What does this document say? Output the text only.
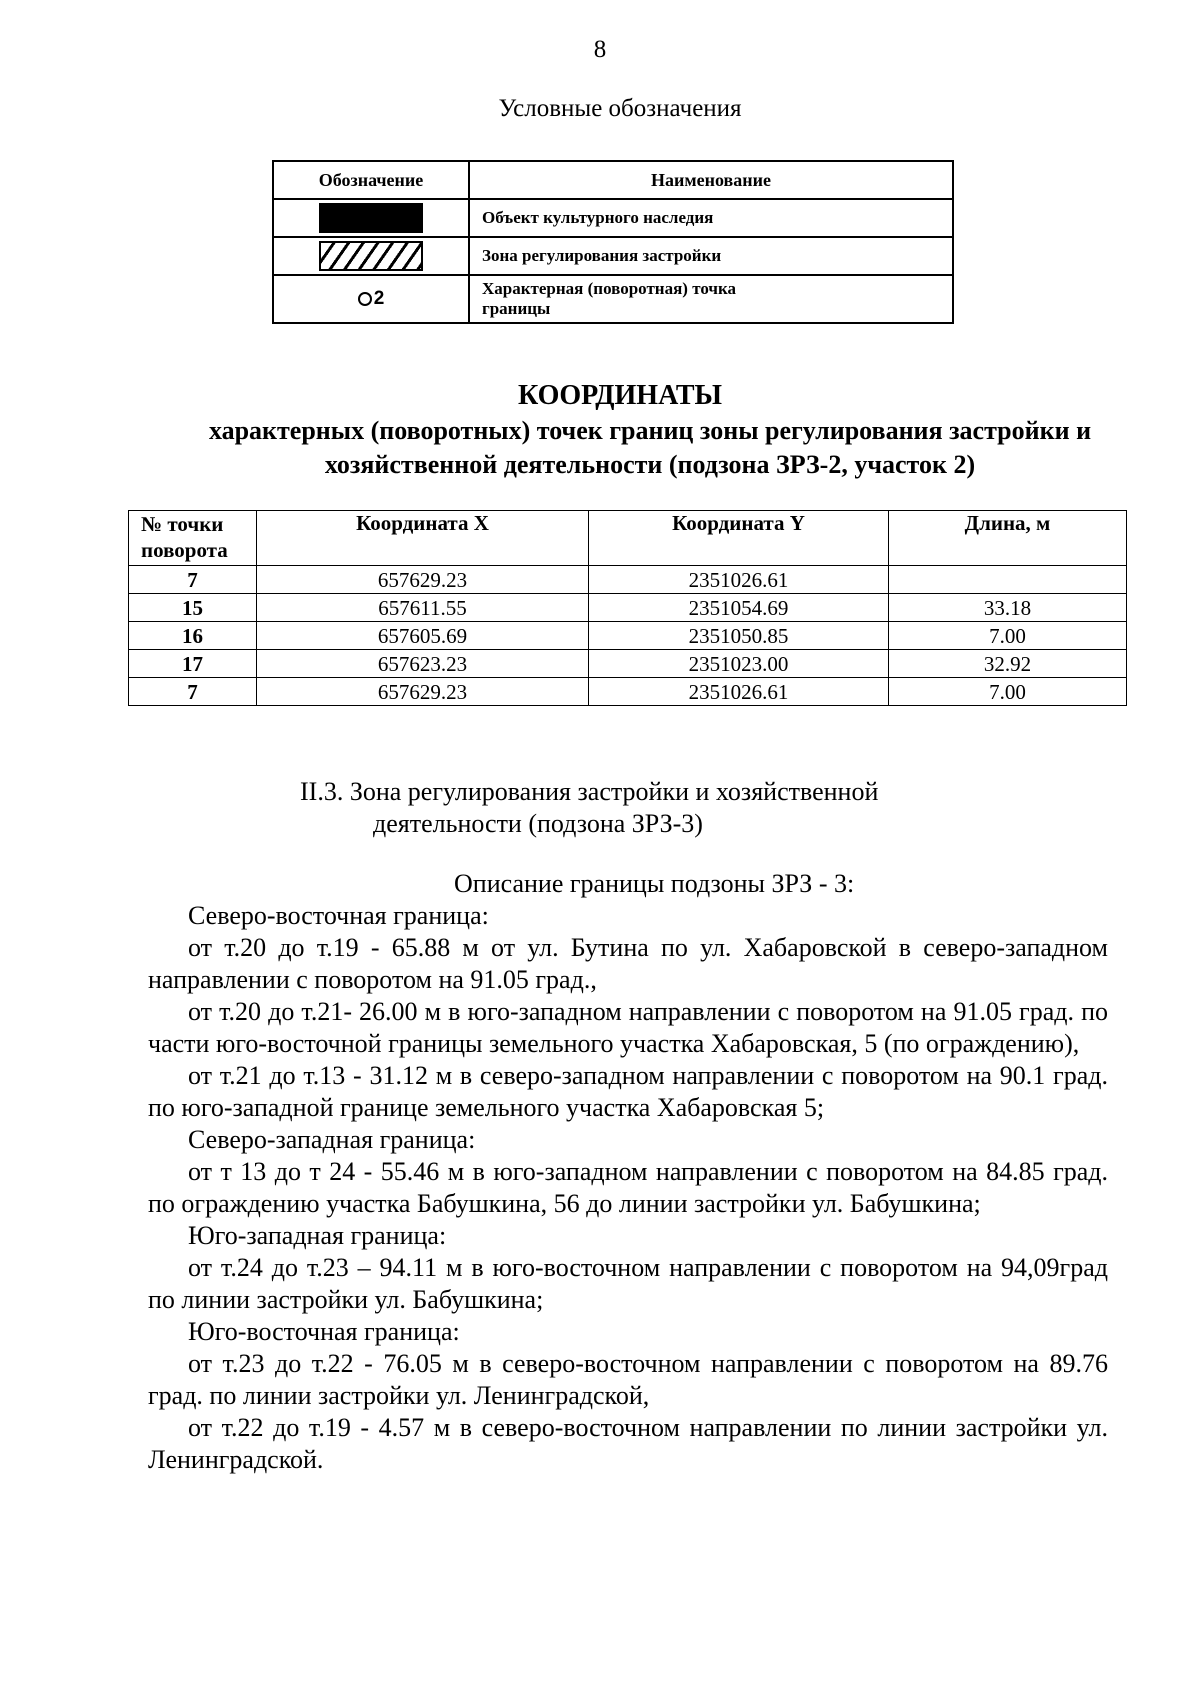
8
Условные обозначения
Обозначение	Наименование
	Объект культурного наследия
	Зона регулирования застройки
2	Характерная (поворотная) точка
границы
КООРДИНАТЫ
характерных (поворотных) точек границ зоны регулирования застройки и
хозяйственной деятельности (подзона ЗРЗ-2, участок 2)
№ точки
поворота	Координата X	Координата Y	Длина, м
7	657629.23	2351026.61	
15	657611.55	2351054.69	33.18
16	657605.69	2351050.85	7.00
17	657623.23	2351023.00	32.92
7	657629.23	2351026.61	7.00
II.3. Зона регулирования застройки и хозяйственной
деятельности (подзона ЗРЗ-3)
Описание границы подзоны ЗРЗ - 3:

Северо-восточная граница:

от т.20 до т.19 - 65.88 м от ул. Бутина по ул. Хабаровской в северо-западном направлении с поворотом на 91.05 град.,

от т.20 до т.21- 26.00 м в юго-западном направлении с поворотом на 91.05 град. по части юго-восточной границы земельного участка Хабаровская, 5 (по ограждению),

от т.21 до т.13 - 31.12 м в северо-западном направлении с поворотом на 90.1 град. по юго-западной границе земельного участка Хабаровская 5;

Северо-западная граница:

от т 13 до т 24 - 55.46 м в юго-западном направлении с поворотом на 84.85 град. по ограждению участка Бабушкина, 56 до линии застройки ул. Бабушкина;

Юго-западная граница:

от т.24 до т.23 – 94.11 м в юго-восточном направлении с поворотом на 94,09град по линии застройки ул. Бабушкина;

Юго-восточная граница:

от т.23 до т.22 - 76.05 м в северо-восточном направлении с поворотом на 89.76 град. по линии застройки ул. Ленинградской,

от т.22 до т.19 - 4.57 м в северо-восточном направлении по линии застройки ул. Ленинградской.
